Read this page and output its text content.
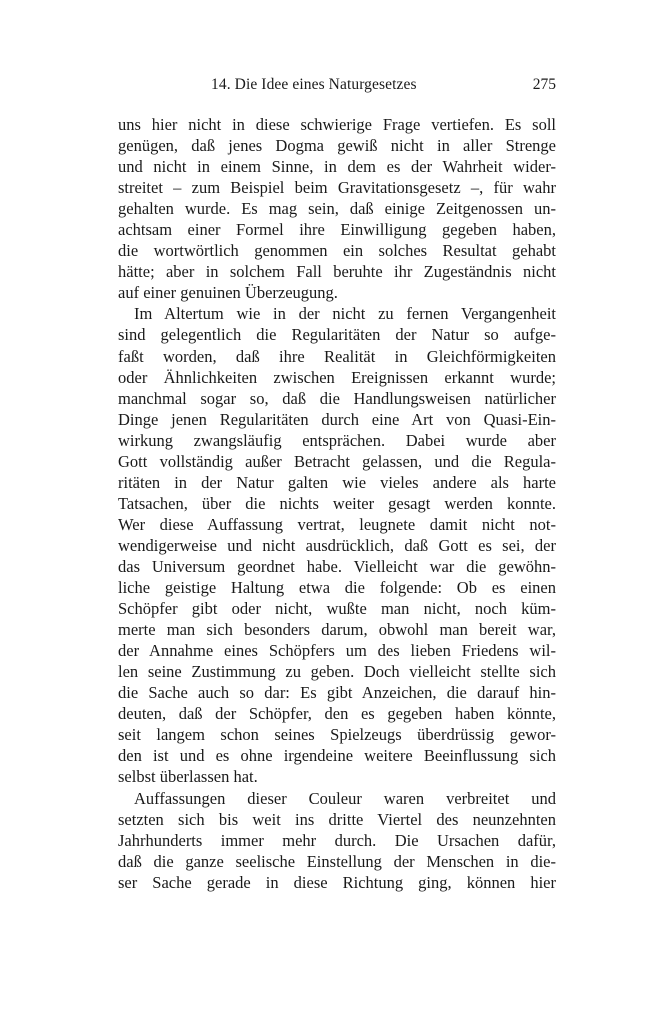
14. Die Idee eines Naturgesetzes	275
uns hier nicht in diese schwierige Frage vertiefen. Es soll
genügen, daß jenes Dogma gewiß nicht in aller Strenge
und nicht in einem Sinne, in dem es der Wahrheit wider-
streitet – zum Beispiel beim Gravitationsgesetz –, für wahr
gehalten wurde. Es mag sein, daß einige Zeitgenossen un-
achtsam einer Formel ihre Einwilligung gegeben haben,
die wortwörtlich genommen ein solches Resultat gehabt
hätte; aber in solchem Fall beruhte ihr Zugeständnis nicht
auf einer genuinen Überzeugung.
Im Altertum wie in der nicht zu fernen Vergangenheit
sind gelegentlich die Regularitäten der Natur so aufge-
faßt worden, daß ihre Realität in Gleichförmigkeiten
oder Ähnlichkeiten zwischen Ereignissen erkannt wurde;
manchmal sogar so, daß die Handlungsweisen natürlicher
Dinge jenen Regularitäten durch eine Art von Quasi-Ein-
wirkung zwangsläufig entsprächen. Dabei wurde aber
Gott vollständig außer Betracht gelassen, und die Regula-
ritäten in der Natur galten wie vieles andere als harte
Tatsachen, über die nichts weiter gesagt werden konnte.
Wer diese Auffassung vertrat, leugnete damit nicht not-
wendigerweise und nicht ausdrücklich, daß Gott es sei, der
das Universum geordnet habe. Vielleicht war die gewöhn-
liche geistige Haltung etwa die folgende: Ob es einen
Schöpfer gibt oder nicht, wußte man nicht, noch küm-
merte man sich besonders darum, obwohl man bereit war,
der Annahme eines Schöpfers um des lieben Friedens wil-
len seine Zustimmung zu geben. Doch vielleicht stellte sich
die Sache auch so dar: Es gibt Anzeichen, die darauf hin-
deuten, daß der Schöpfer, den es gegeben haben könnte,
seit langem schon seines Spielzeugs überdrüssig gewor-
den ist und es ohne irgendeine weitere Beeinflussung sich
selbst überlassen hat.
Auffassungen dieser Couleur waren verbreitet und
setzten sich bis weit ins dritte Viertel des neunzehnten
Jahrhunderts immer mehr durch. Die Ursachen dafür,
daß die ganze seelische Einstellung der Menschen in die-
ser Sache gerade in diese Richtung ging, können hier
